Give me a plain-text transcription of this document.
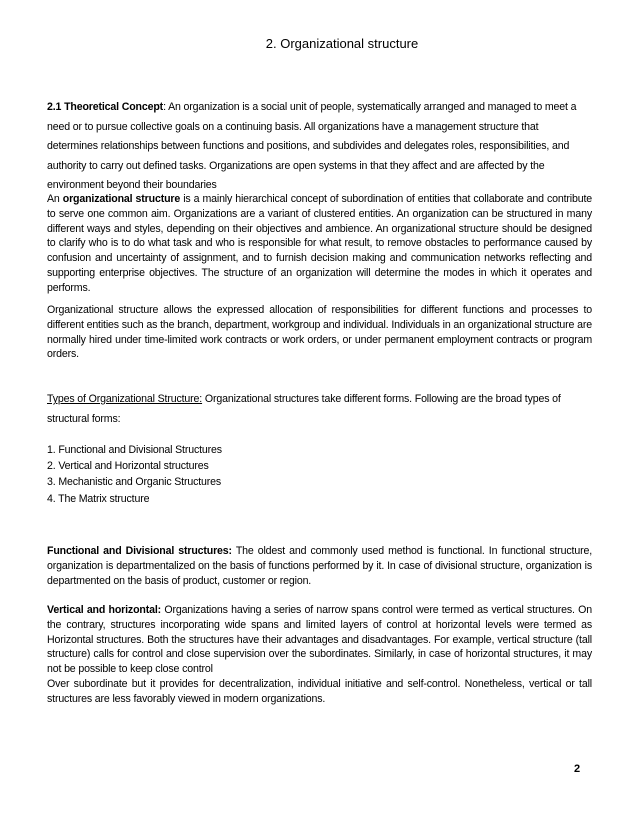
2. Organizational structure

2.1 Theoretical Concept: An organization is a social unit of people, systematically arranged and managed to meet a need or to pursue collective goals on a continuing basis. All organizations have a management structure that determines relationships between functions and positions, and subdivides and delegates roles, responsibilities, and authority to carry out defined tasks. Organizations are open systems in that they affect and are affected by the environment beyond their boundaries

An organizational structure is a mainly hierarchical concept of subordination of entities that collaborate and contribute to serve one common aim. Organizations are a variant of clustered entities. An organization can be structured in many different ways and styles, depending on their objectives and ambience. An organizational structure should be designed to clarify who is to do what task and who is responsible for what result, to remove obstacles to performance caused by confusion and uncertainty of assignment, and to furnish decision making and communication networks reflecting and supporting enterprise objectives. The structure of an organization will determine the modes in which it operates and performs.

Organizational structure allows the expressed allocation of responsibilities for different functions and processes to different entities such as the branch, department, workgroup and individual. Individuals in an organizational structure are normally hired under time-limited work contracts or work orders, or under permanent employment contracts or program orders.

Types of Organizational Structure: Organizational structures take different forms. Following are the broad types of structural forms:

1. Functional and Divisional Structures
2. Vertical and Horizontal structures
3. Mechanistic and Organic Structures
4. The Matrix structure

Functional and Divisional structures: The oldest and commonly used method is functional. In functional structure, organization is departmentalized on the basis of functions performed by it. In case of divisional structure, organization is departmented on the basis of product, customer or region.

Vertical and horizontal: Organizations having a series of narrow spans control were termed as vertical structures. On the contrary, structures incorporating wide spans and limited layers of control at horizontal levels were termed as Horizontal structures. Both the structures have their advantages and disadvantages. For example, vertical structure (tall structure) calls for control and close supervision over the subordinates. Similarly, in case of horizontal structures, it may not be possible to keep close control
Over subordinate but it provides for decentralization, individual initiative and self-control. Nonetheless, vertical or tall structures are less favorably viewed in modern organizations.

2
